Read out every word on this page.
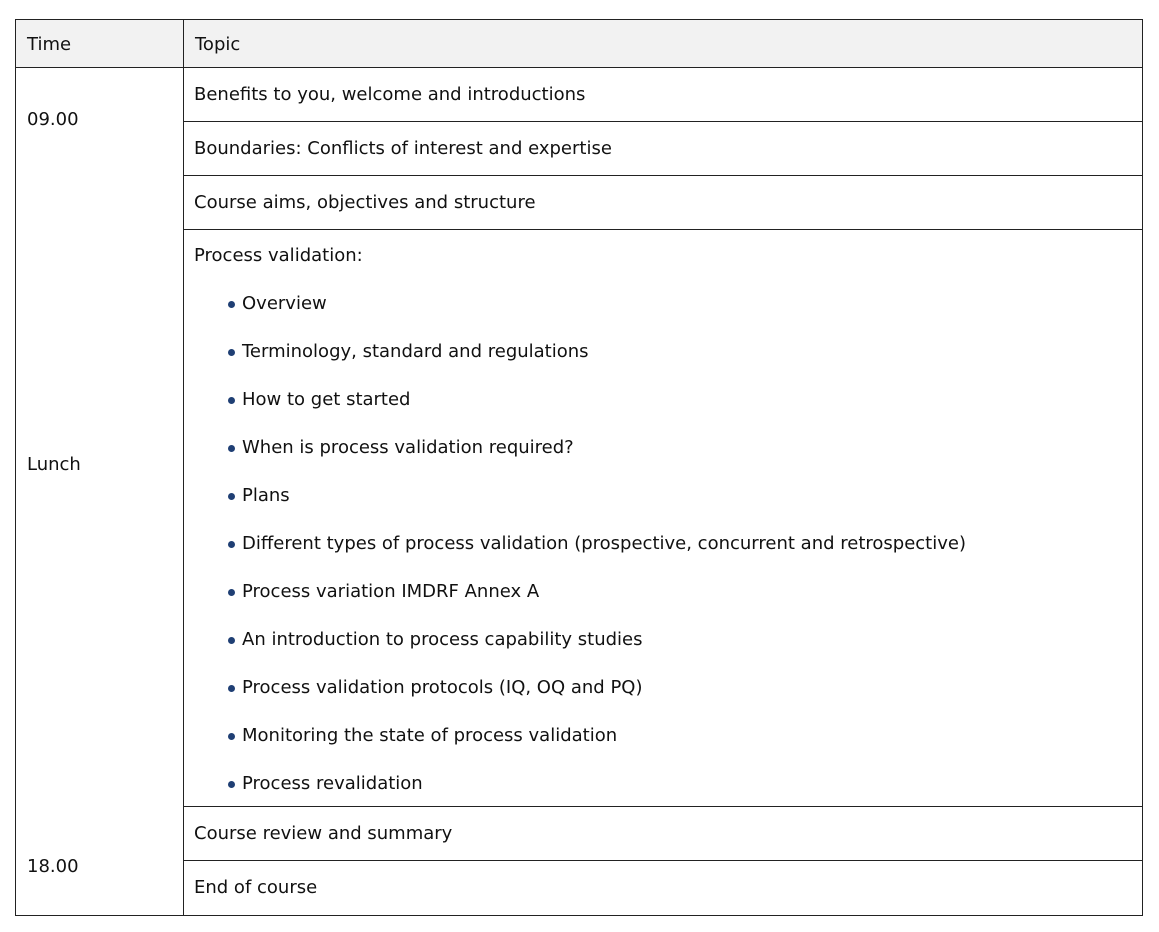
Time	Topic
09.00
Lunch
18.00
Benefits to you, welcome and introductions
Boundaries: Conflicts of interest and expertise
Course aims, objectives and structure
Process validation:
Overview
Terminology, standard and regulations
How to get started
When is process validation required?
Plans
Different types of process validation (prospective, concurrent and retrospective)
Process variation IMDRF Annex A
An introduction to process capability studies
Process validation protocols (IQ, OQ and PQ)
Monitoring the state of process validation
Process revalidation
Course review and summary
End of course
